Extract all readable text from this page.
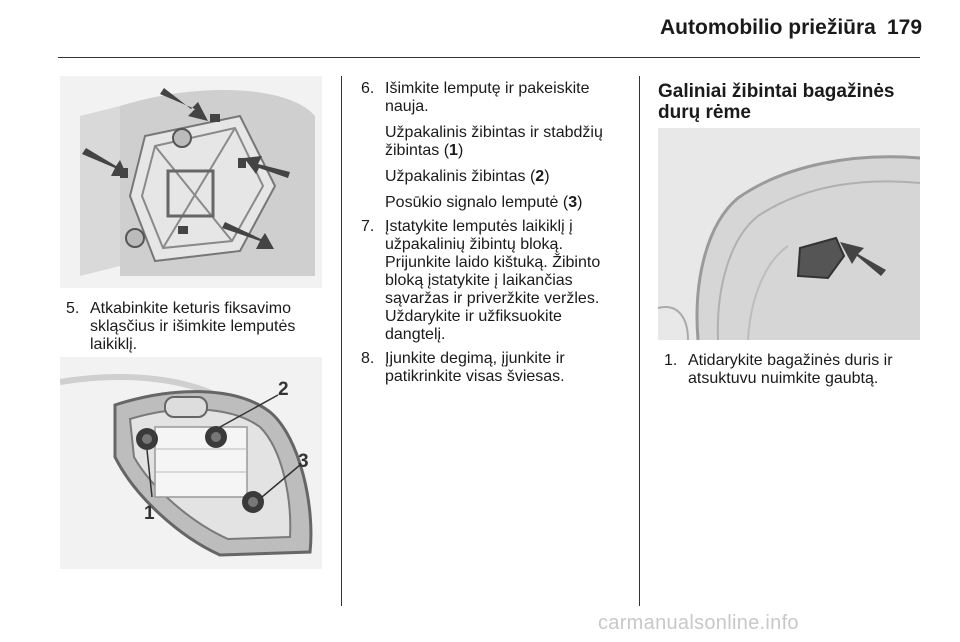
Automobilio priežiūra 179
5. Atkabinkite keturis fiksavimo skląsčius ir išimkite lemputės laikiklį.
1
2
3
6. Išimkite lemputę ir pakeiskite nauja.
Užpakalinis žibintas ir stabdžių žibintas (1)
Užpakalinis žibintas (2)
Posūkio signalo lemputė (3)
7. Įstatykite lemputės laikiklį į užpakalinių žibintų bloką. Prijunkite laido kištuką. Žibinto bloką įstatykite į laikančias sąvaržas ir priveržkite veržles. Uždarykite ir užfiksuokite dangtelį.
8. Įjunkite degimą, įjunkite ir patikrinkite visas šviesas.
Galiniai žibintai bagažinės durų rėme
1. Atidarykite bagažinės duris ir atsuktuvu nuimkite gaubtą.
carmanualsonline.info
